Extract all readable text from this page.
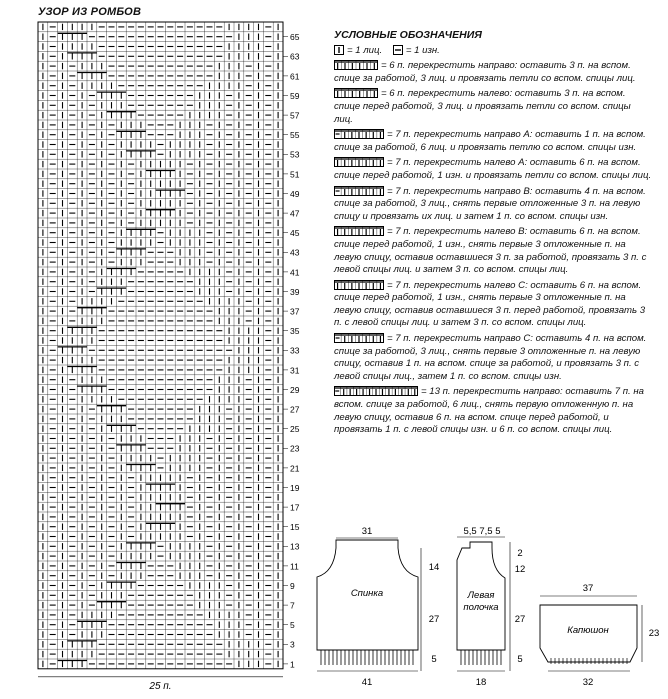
УЗОР ИЗ РОМБОВ
65
63
61
59
57
55
53
51
49
47
45
43
41
39
37
35
33
31
29
27
25
23
21
19
17
15
13
11
9
7
5
3
1
25 п.
УСЛОВНЫЕ ОБОЗНАЧЕНИЯ
= 1 лиц. = 1 изн.
= 6 п. перекрестить направо: оставить 3 п. на вспом. спице за работой, 3 лиц. и провязать петли со вспом. спицы лиц.
= 6 п. перекрестить налево: оставить 3 п. на вспом. спице перед работой, 3 лиц. и провязать петли со вспом. спицы лиц.
= 7 п. перекрестить направо A: оставить 1 п. на вспом. спице за работой, 6 лиц. и провязать петлю со вспом. спицы изн.
= 7 п. перекрестить налево A: оставить 6 п. на вспом. спице перед работой, 1 изн. и провязать петли со вспом. спицы лиц.
= 7 п. перекрестить направо B: оставить 4 п. на вспом. спице за работой, 3 лиц., снять первые отложенные 3 п. на левую спицу и провязать их лиц. и затем 1 п. со вспом. спицы изн.
= 7 п. перекрестить налево B: оставить 6 п. на вспом. спице перед работой, 1 изн., снять первые 3 отложенные п. на левую спицу, оставив оставшиеся 3 п. за работой, провязать 3 п. с левой спицы лиц. и затем 3 п. со вспом. спицы лиц.
= 7 п. перекрестить налево C: оставить 6 п. на вспом. спице перед работой, 1 изн., снять первые 3 отложенные п. на левую спицу, оставив оставшиеся 3 п. перед работой, провязать 3 п. с левой спицы лиц. и затем 3 п. со вспом. спицы лиц.
= 7 п. перекрестить направо C: оставить 4 п. на вспом. спице за работой, 3 лиц., снять первые 3 отложенные п. на левую спицу, оставив 1 п. на вспом. спице за работой, и провязать 3 п. с левой спицы лиц., затем 1 п. со вспом. спицы изн.
= 13 п. перекрестить направо: оставить 7 п. на вспом. спице за работой, 6 лиц., снять первую отложенную п. на левую спицу, оставив 6 п. на вспом. спице перед работой, и провязать 1 п. с левой спицы изн. и 6 п. со вспом. спицы лиц.
31
14
27
5
41
Спинка
5,5 7,5 5
2
12
27
5
18
Левая
полочка
37
23
32
Капюшон
